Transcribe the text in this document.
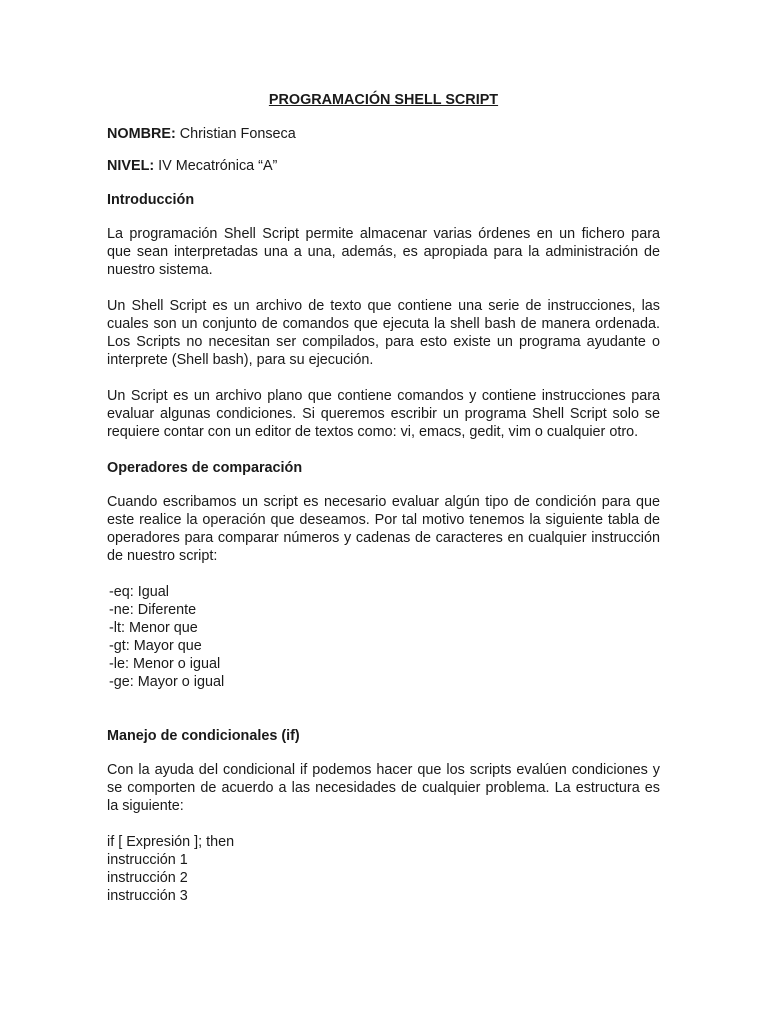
PROGRAMACIÓN SHELL SCRIPT
NOMBRE: Christian Fonseca
NIVEL: IV Mecatrónica “A”
Introducción

La programación Shell Script permite almacenar varias órdenes en un fichero para que sean interpretadas una a una, además, es apropiada para la administración de nuestro sistema.

Un Shell Script es un archivo de texto que contiene una serie de instrucciones, las cuales son un conjunto de comandos que ejecuta la shell bash de manera ordenada. Los Scripts no necesitan ser compilados, para esto existe un programa ayudante o interprete (Shell bash), para su ejecución.

Un Script es un archivo plano que contiene comandos y contiene instrucciones para evaluar algunas condiciones. Si queremos escribir un programa Shell Script solo se requiere contar con un editor de textos como: vi, emacs, gedit, vim o cualquier otro.

Operadores de comparación

Cuando escribamos un script es necesario evaluar algún tipo de condición para que este realice la operación que deseamos. Por tal motivo tenemos la siguiente tabla de operadores para comparar números y cadenas de caracteres en cualquier instrucción de nuestro script:

-eq: Igual
-ne: Diferente
-lt: Menor que
-gt: Mayor que
-le: Menor o igual
-ge: Mayor o igual
Manejo de condicionales (if)

Con la ayuda del condicional if podemos hacer que los scripts evalúen condiciones y se comporten de acuerdo a las necesidades de cualquier problema. La estructura es la siguiente:

if [ Expresión ]; then
instrucción 1
instrucción 2
instrucción 3
